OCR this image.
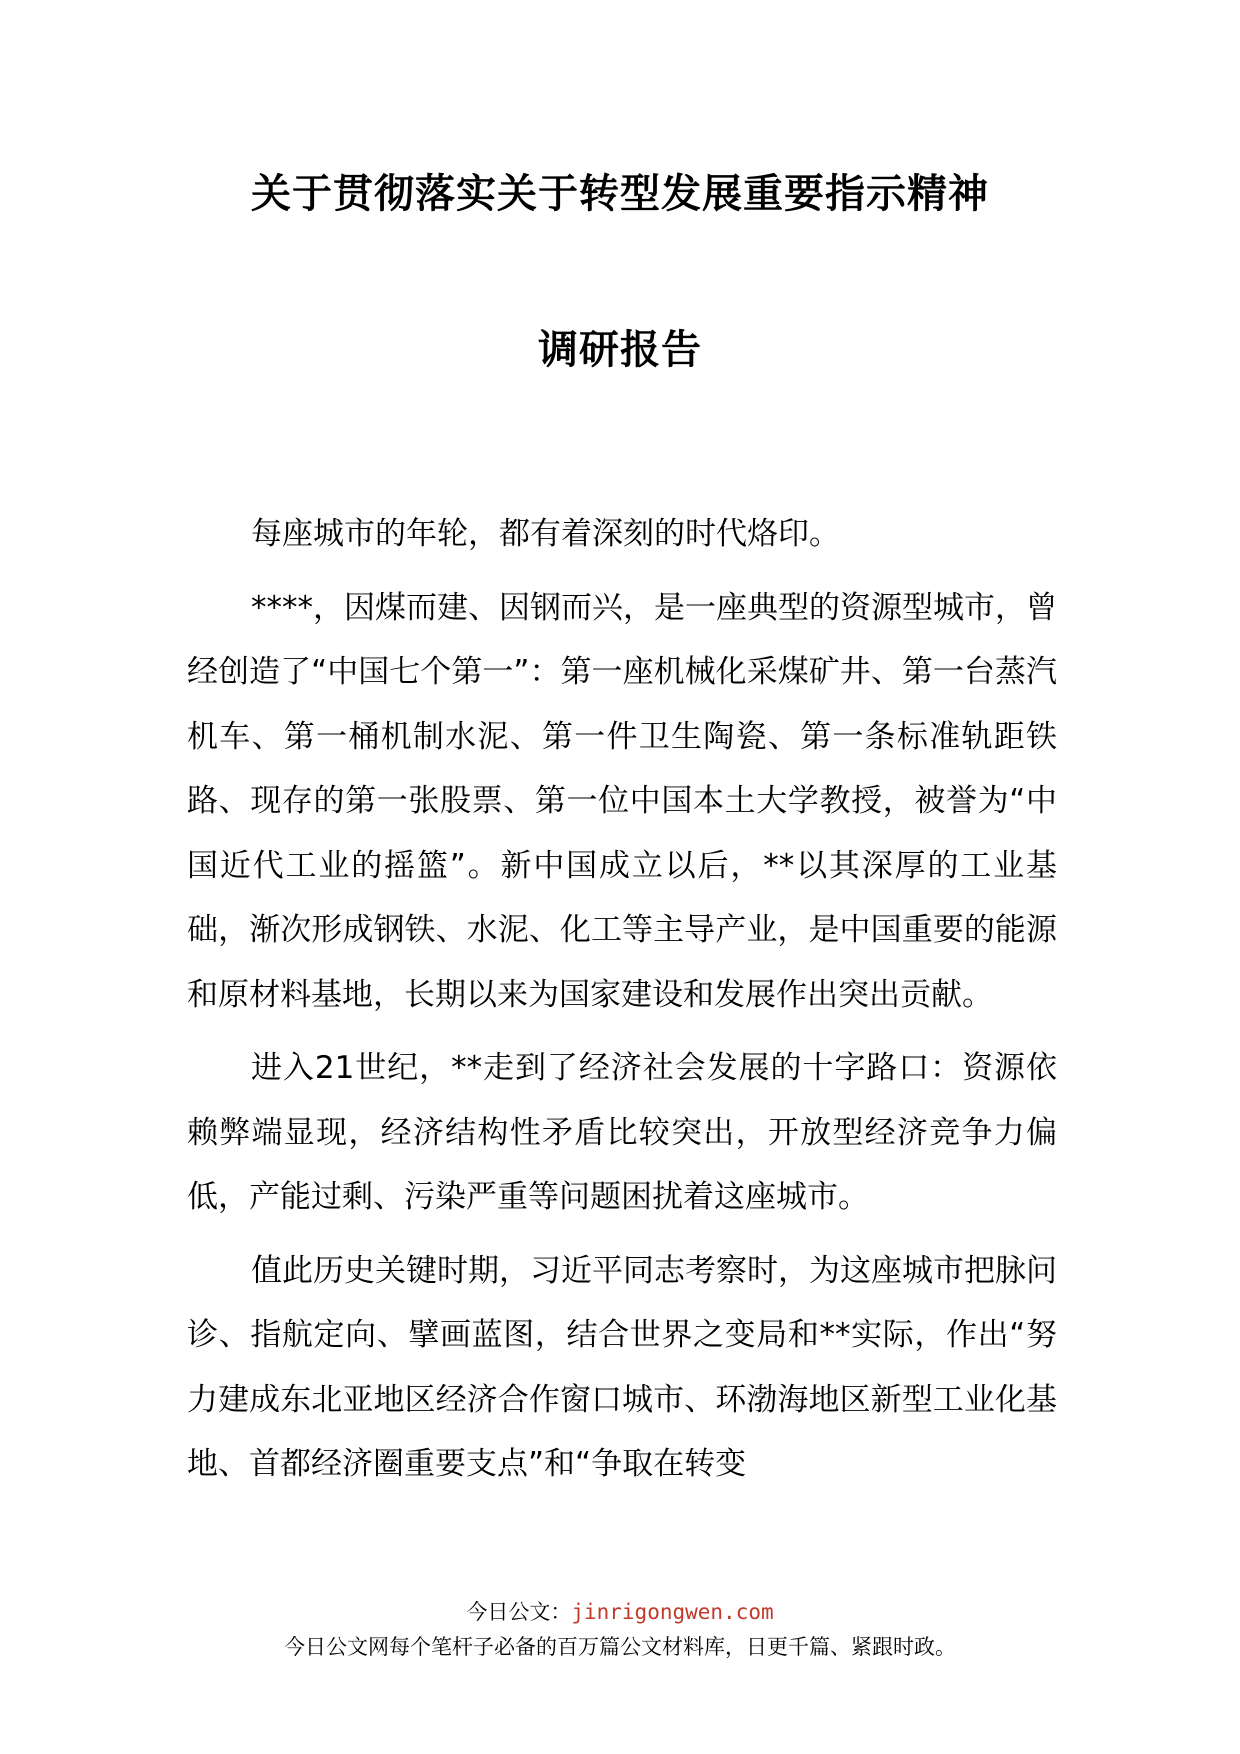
关于贯彻落实关于转型发展重要指示精神
调研报告

每座城市的年轮，都有着深刻的时代烙印。

****，因煤而建、因钢而兴，是一座典型的资源型城市，曾经创造了“中国七个第一”：第一座机械化采煤矿井、第一台蒸汽机车、第一桶机制水泥、第一件卫生陶瓷、第一条标准轨距铁路、现存的第一张股票、第一位中国本土大学教授，被誉为“中国近代工业的摇篮”。新中国成立以后，**以其深厚的工业基础，渐次形成钢铁、水泥、化工等主导产业，是中国重要的能源和原材料基地，长期以来为国家建设和发展作出突出贡献。

进入21世纪，**走到了经济社会发展的十字路口：资源依赖弊端显现，经济结构性矛盾比较突出，开放型经济竞争力偏低，产能过剩、污染严重等问题困扰着这座城市。

值此历史关键时期，习近平同志考察时，为这座城市把脉问诊、指航定向、擘画蓝图，结合世界之变局和**实际，作出“努力建成东北亚地区经济合作窗口城市、环渤海地区新型工业化基地、首都经济圈重要支点”和“争取在转变

今日公文：jinrigongwen.com
今日公文网每个笔杆子必备的百万篇公文材料库，日更千篇、紧跟时政。
